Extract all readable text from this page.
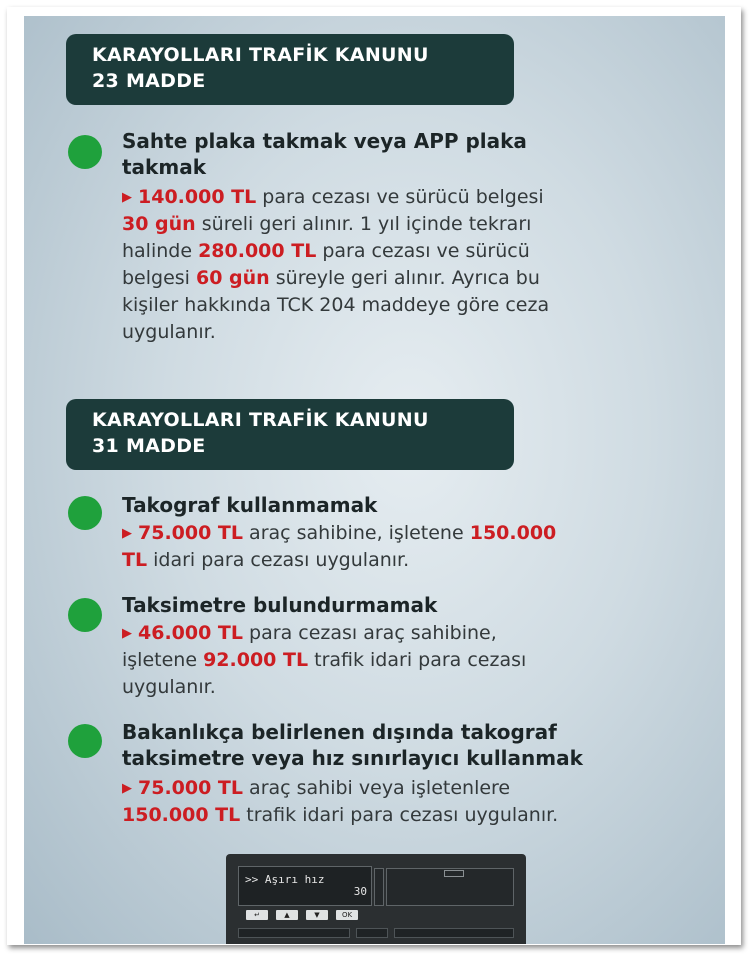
KARAYOLLARI TRAFİK KANUNU
23 MADDE
Sahte plaka takmak veya APP plaka
takmak
▶ 140.000 TL para cezası ve sürücü belgesi
30 gün süreli geri alınır. 1 yıl içinde tekrarı
halinde 280.000 TL para cezası ve sürücü
belgesi 60 gün süreyle geri alınır. Ayrıca bu
kişiler hakkında TCK 204 maddeye göre ceza
uygulanır.
KARAYOLLARI TRAFİK KANUNU
31 MADDE
Takograf kullanmamak
▶ 75.000 TL araç sahibine, işletene 150.000
TL idari para cezası uygulanır.
Taksimetre bulundurmamak
▶ 46.000 TL para cezası araç sahibine,
işletene 92.000 TL trafik idari para cezası
uygulanır.
Bakanlıkça belirlenen dışında takograf
taksimetre veya hız sınırlayıcı kullanmak
▶ 75.000 TL araç sahibi veya işletenlere
150.000 TL trafik idari para cezası uygulanır.
>> Aşırı hız
30
↵	▲	▼	OK
